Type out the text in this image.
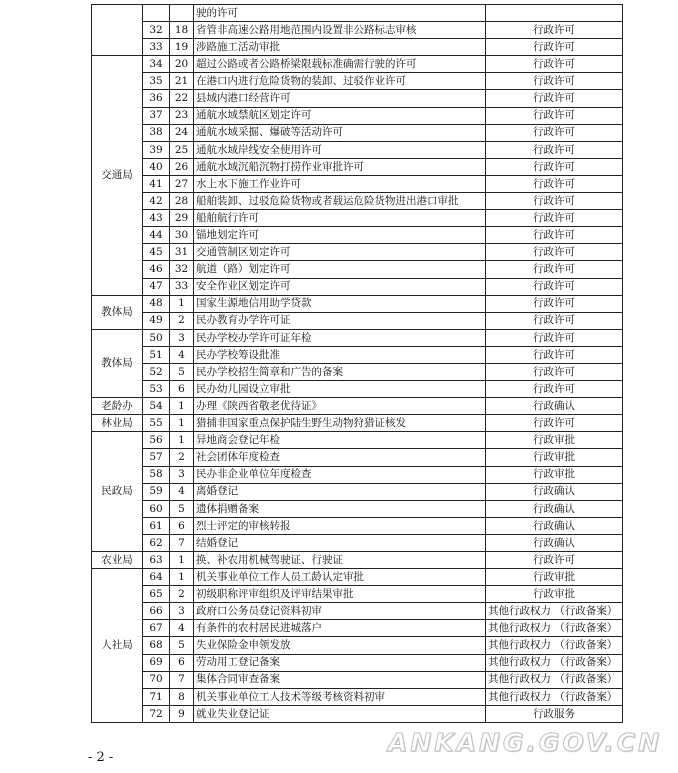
			驶的许可	
	32	18	省管非高速公路用地范围内设置非公路标志审核	行政许可
	33	19	涉路施工活动审批	行政许可
交通局	34	20	超过公路或者公路桥梁限载标准确需行驶的许可	行政许可
	35	21	在港口内进行危险货物的装卸、过驳作业许可	行政许可
	36	22	县域内港口经营许可	行政许可
	37	23	通航水域禁航区划定许可	行政许可
	38	24	通航水域采掘、爆破等活动许可	行政许可
	39	25	通航水域岸线安全使用许可	行政许可
	40	26	通航水域沉船沉物打捞作业审批许可	行政许可
	41	27	水上水下施工作业许可	行政许可
	42	28	船舶装卸、过驳危险货物或者载运危险货物进出港口审批	行政许可
	43	29	船舶航行许可	行政许可
	44	30	锚地划定许可	行政许可
	45	31	交通管制区划定许可	行政许可
	46	32	航道（路）划定许可	行政许可
	47	33	安全作业区划定许可	行政许可
教体局	48	1	国家生源地信用助学贷款	行政许可
	49	2	民办教育办学许可证	行政许可
教体局	50	3	民办学校办学许可证年检	行政许可
	51	4	民办学校筹设批准	行政许可
	52	5	民办学校招生简章和广告的备案	行政许可
	53	6	民办幼儿园设立审批	行政许可
老龄办	54	1	办理《陕西省敬老优待证》	行政确认
林业局	55	1	猎捕非国家重点保护陆生野生动物狩猎证核发	行政许可
民政局	56	1	异地商会登记年检	行政审批
	57	2	社会团体年度检查	行政审批
	58	3	民办非企业单位年度检查	行政审批
	59	4	离婚登记	行政确认
	60	5	遗体捐赠备案	行政确认
	61	6	烈士评定的审核转报	行政确认
	62	7	结婚登记	行政确认
农业局	63	1	换、补农用机械驾驶证、行驶证	行政许可
人社局	64	1	机关事业单位工作人员工龄认定审批	行政审批
	65	2	初级职称评审组织及评审结果审批	行政审批
	66	3	政府口公务员登记资料初审	其他行政权力 （行政备案）
	67	4	有条件的农村居民进城落户	其他行政权力 （行政备案）
	68	5	失业保险金申领发放	其他行政权力 （行政备案）
	69	6	劳动用工登记备案	其他行政权力 （行政备案）
	70	7	集体合同审查备案	其他行政权力 （行政备案）
	71	8	机关事业单位工人技术等级考核资料初审	其他行政权力 （行政备案）
	72	9	就业失业登记证	行政服务
- 2 -
ANKANG.GOV.CN
